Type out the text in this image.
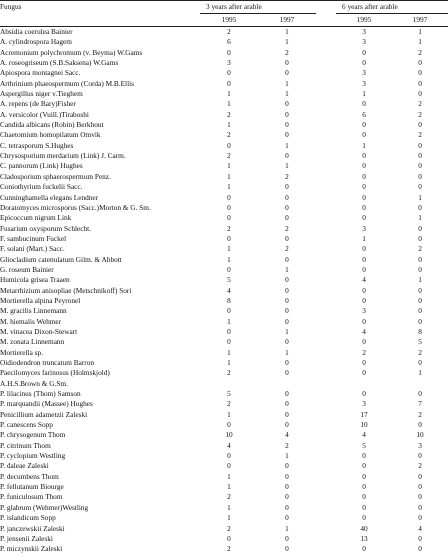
Fungus	3 years after arable			6 years after arable	
	1995	1997		1995	1997
Absidia coerulea Bainier	2	1		3	1
A. cylindrospora Hagem	6	1		3	1
Acremonium polychromum (v. Beyma) W.Gams	0	2		0	2
A. roseogriseum (S.B.Saksena) W.Gams	3	0		0	0
Apiospora montagnei Sacc.	0	0		3	0
Arthrinium phaeospermum (Corda) M.B.Ellis	0	1		3	0
Aspergillus niger v.Tieghem	1	1		1	0
A. repens (de Bary)Fisher	1	0		0	2
A. versicolor (Vuill.)Tiraboshi	2	0		6	2
Candida albicans (Robin) Berkhout	1	0		0	0
Chaetomium homopilatum Omvik	2	0		0	2
C. tetrasporum S.Hughes	0	1		1	0
Chrysosporium merdarium (Link) J. Carm.	2	0		0	0
C. pannorum (Link) Hughes	1	1		0	0
Cladosporium sphaerospermum Penz.	1	2		0	0
Coniothyrium fuckelii Sacc.	1	0		0	0
Cunninghamella elegans Lendner	0	0		0	1
Doratomyces microsporus (Sacc.)Morton & G. Sm.	0	0		0	0
Epicoccum nigrum Link	0	0		0	1
Fusarium oxysporum Schlecht.	2	2		3	0
F. sambucinum Fuckel	0	0		1	0
F. solani (Mart.) Sacc.	1	2		0	2
Gliocladium catenulatum Gilm. & Abbott	1	0		0	0
G. roseum Bainier	0	1		0	0
Humicola grisea Traaen	5	0		4	1
Metarrhizium anisopliae (Metschnikoff) Sori	4	0		0	0
Mortierella alpina Peyronel	8	0		0	0
M. gracilis Linnemann	0	0		3	0
M. hiemalis Wehmer	1	0		0	0
M. vinacea Dixon-Stewart	0	1		4	8
M. zonata Linnemann	0	0		0	5
Mortierella sp.	1	1		2	2
Oidiodendron truncatum Barron	1	0		0	0
Paecilomyces farinosus (Holmskjold)	2	0		0	1
A.H.S.Brown & G.Sm.					
P. lilacinus (Thom) Samson	5	0		0	0
P. marquandii (Massee) Hughes	2	0		3	7
Penicillium adametzii Zaleski	1	0		17	2
P. canescens Sopp	0	0		10	0
P. chrysogenum Thom	10	4		4	10
P. citrinum Thom	4	2		5	3
P. cyclopium Westling	0	1		0	0
P. daleae Zaleski	0	0		0	2
P. decumbens Thom	1	0		0	0
P. fellutanum Biourge	1	0		0	0
P. funiculosum Thom	2	0		0	0
P. glabrum (Wehmer)Westling	1	0		0	0
P. islandicum Sopp	1	0		0	0
P. janczewskii Zaleski	2	1		40	4
P. jensenii Zaleski	0	0		13	0
P. miczynskii Zaleski	2	0		0	0
